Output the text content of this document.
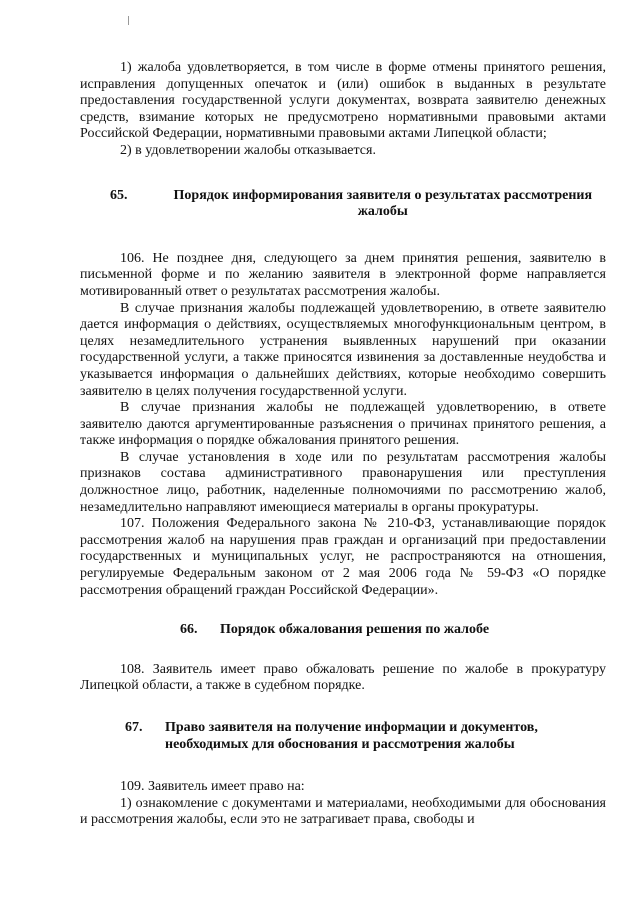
1) жалоба удовлетворяется, в том числе в форме отмены принятого решения, исправления допущенных опечаток и (или) ошибок в выданных в результате предоставления государственной услуги документах, возврата заявителю денежных средств, взимание которых не предусмотрено нормативными правовыми актами Российской Федерации, нормативными правовыми актами Липецкой области;

2) в удовлетворении жалобы отказывается.

65.	Порядок информирования заявителя о результатах рассмотрения жалобы

106. Не позднее дня, следующего за днем принятия решения, заявителю в письменной форме и по желанию заявителя в электронной форме направляется мотивированный ответ о результатах рассмотрения жалобы.

В случае признания жалобы подлежащей удовлетворению, в ответе заявителю дается информация о действиях, осуществляемых многофункциональным центром, в целях незамедлительного устранения выявленных нарушений при оказании государственной услуги, а также приносятся извинения за доставленные неудобства и указывается информация о дальнейших действиях, которые необходимо совершить заявителю в целях получения государственной услуги.

В случае признания жалобы не подлежащей удовлетворению, в ответе заявителю даются аргументированные разъяснения о причинах принятого решения, а также информация о порядке обжалования принятого решения.

В случае установления в ходе или по результатам рассмотрения жалобы признаков состава административного правонарушения или преступления должностное лицо, работник, наделенные полномочиями по рассмотрению жалоб, незамедлительно направляют имеющиеся материалы в органы прокуратуры.

107. Положения Федерального закона № 210-ФЗ, устанавливающие порядок рассмотрения жалоб на нарушения прав граждан и организаций при предоставлении государственных и муниципальных услуг, не распространяются на отношения, регулируемые Федеральным законом от 2 мая 2006 года № 59-ФЗ «О порядке рассмотрения обращений граждан Российской Федерации».

66.	Порядок обжалования решения по жалобе

108. Заявитель имеет право обжаловать решение по жалобе в прокуратуру Липецкой области, а также в судебном порядке.

67.	Право заявителя на получение информации и документов, необходимых для обоснования и рассмотрения жалобы

109. Заявитель имеет право на:

1) ознакомление с документами и материалами, необходимыми для обоснования и рассмотрения жалобы, если это не затрагивает права, свободы и
